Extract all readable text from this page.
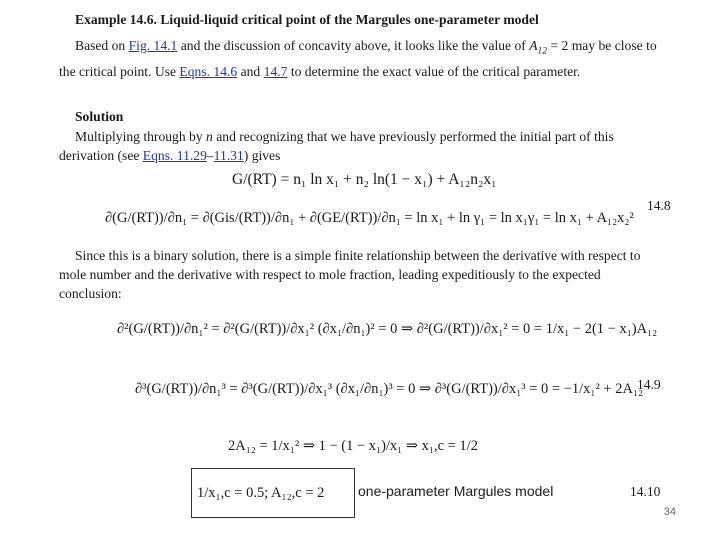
Example 14.6. Liquid-liquid critical point of the Margules one-parameter model
Based on Fig. 14.1 and the discussion of concavity above, it looks like the value of $A_{12} = 2$ may be close to the critical point. Use Eqns. 14.6 and 14.7 to determine the exact value of the critical parameter.
Solution
Multiplying through by n and recognizing that we have previously performed the initial part of this derivation (see Eqns. 11.29–11.31) gives
G/(RT) = n₁ ln x₁ + n₂ ln(1 − x₁) + A₁₂n₂x₁
∂(G/(RT))/∂n₁ = ∂(Gis/(RT))/∂n₁ + ∂(GE/(RT))/∂n₁ = ln x₁ + ln γ₁ = ln x₁γ₁ = ln x₁ + A₁₂x₂²
14.8
Since this is a binary solution, there is a simple finite relationship between the derivative with respect to mole number and the derivative with respect to mole fraction, leading expeditiously to the expected conclusion:
∂²(G/(RT))/∂n₁² = ∂²(G/(RT))/∂x₁² (∂x₁/∂n₁)² = 0 ⇒ ∂²(G/(RT))/∂x₁² = 0 = 1/x₁ − 2(1 − x₁)A₁₂
∂³(G/(RT))/∂n₁³ = ∂³(G/(RT))/∂x₁³ (∂x₁/∂n₁)³ = 0 ⇒ ∂³(G/(RT))/∂x₁³ = 0 = −1/x₁² + 2A₁₂
14.9
2A₁₂ = 1/x₁² ⇒ 1 − (1 − x₁)/x₁ ⇒ x₁,c = 1/2
1/x₁,c = 0.5; A₁₂,c = 2 one-parameter Margules model	14.10
34
